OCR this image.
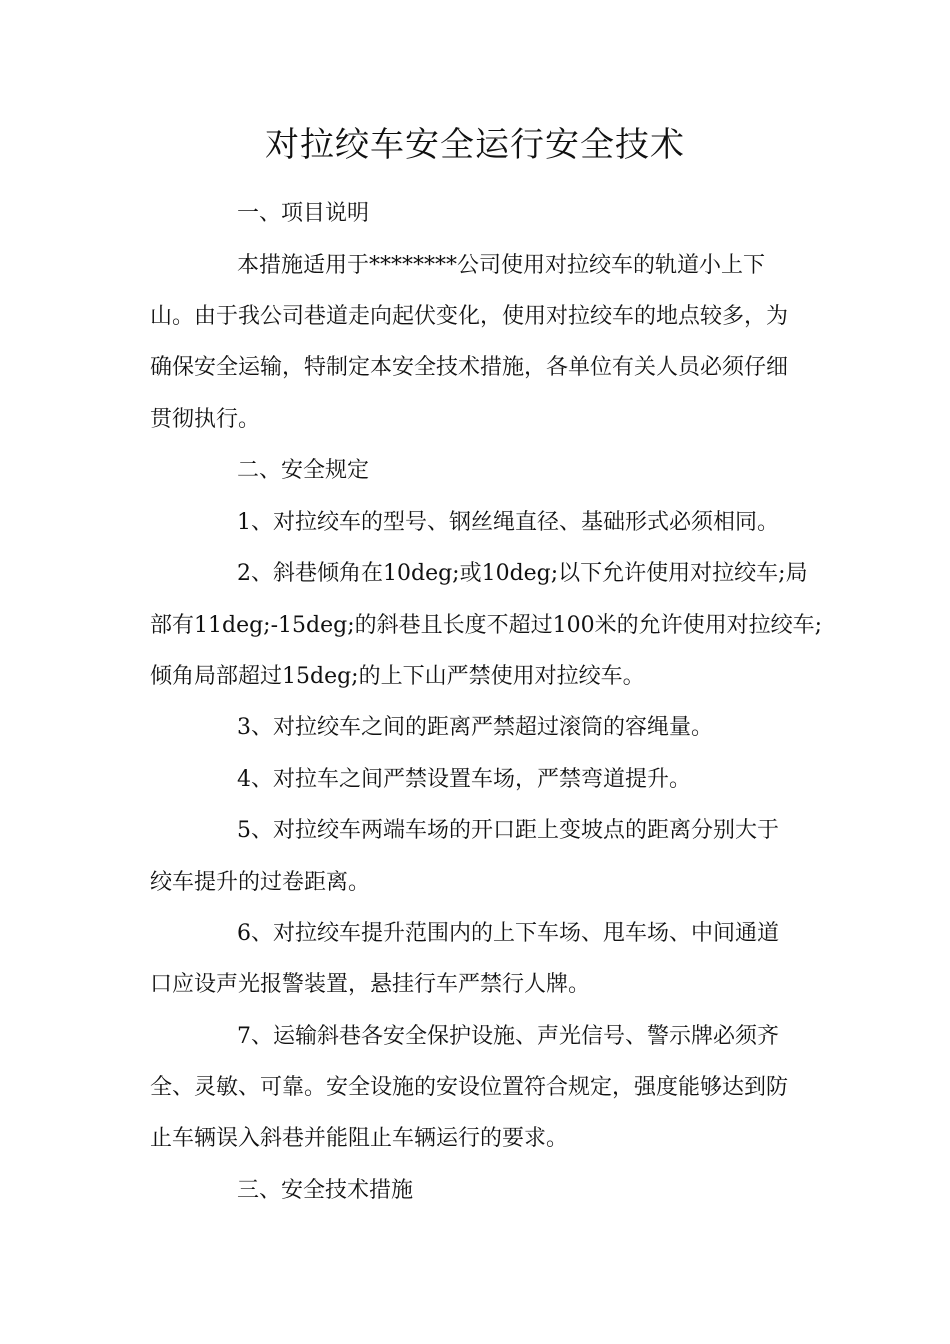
对拉绞车安全运行安全技术
一、项目说明
本措施适用于********公司使用对拉绞车的轨道小上下
山。由于我公司巷道走向起伏变化，使用对拉绞车的地点较多，为
确保安全运输，特制定本安全技术措施，各单位有关人员必须仔细
贯彻执行。
二、安全规定
1、对拉绞车的型号、钢丝绳直径、基础形式必须相同。
2、斜巷倾角在10deg;或10deg;以下允许使用对拉绞车;局
部有11deg;-15deg;的斜巷且长度不超过100米的允许使用对拉绞车;
倾角局部超过15deg;的上下山严禁使用对拉绞车。
3、对拉绞车之间的距离严禁超过滚筒的容绳量。
4、对拉车之间严禁设置车场，严禁弯道提升。
5、对拉绞车两端车场的开口距上变坡点的距离分别大于
绞车提升的过卷距离。
6、对拉绞车提升范围内的上下车场、甩车场、中间通道
口应设声光报警装置，悬挂行车严禁行人牌。
7、运输斜巷各安全保护设施、声光信号、警示牌必须齐
全、灵敏、可靠。安全设施的安设位置符合规定，强度能够达到防
止车辆误入斜巷并能阻止车辆运行的要求。
三、安全技术措施
